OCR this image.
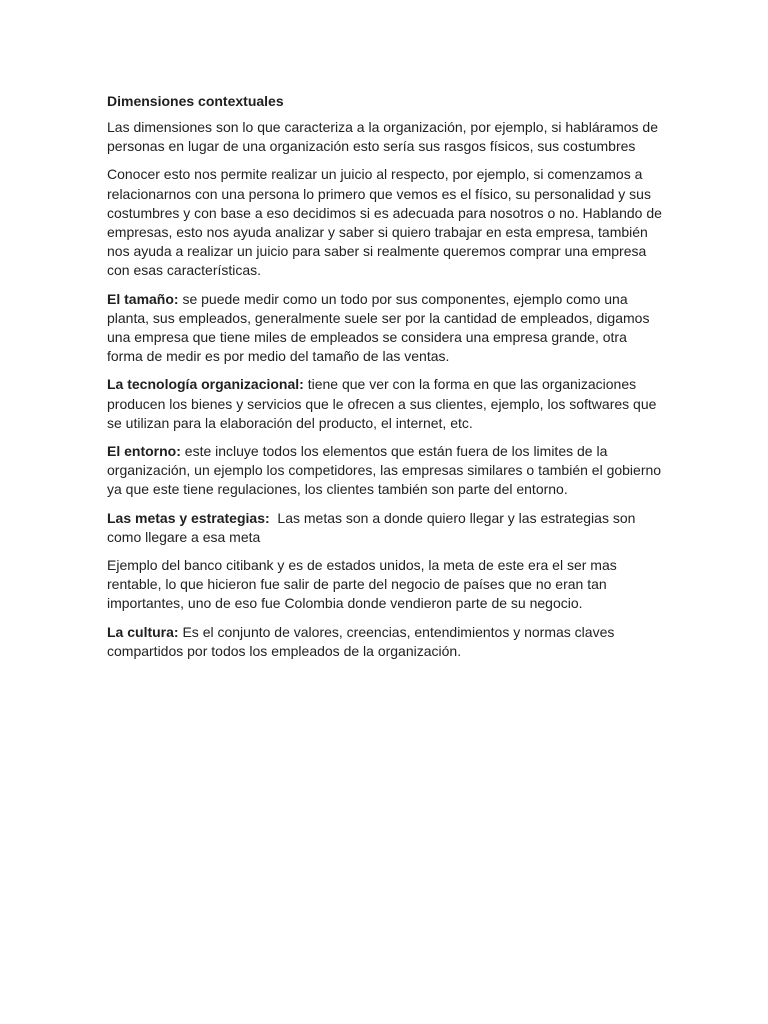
Dimensiones contextuales

Las dimensiones son lo que caracteriza a la organización, por ejemplo, si habláramos de personas en lugar de una organización esto sería sus rasgos físicos, sus costumbres

Conocer esto nos permite realizar un juicio al respecto, por ejemplo, si comenzamos a relacionarnos con una persona lo primero que vemos es el físico, su personalidad y sus costumbres y con base a eso decidimos si es adecuada para nosotros o no. Hablando de empresas, esto nos ayuda analizar y saber si quiero trabajar en esta empresa, también nos ayuda a realizar un juicio para saber si realmente queremos comprar una empresa con esas características.

El tamaño: se puede medir como un todo por sus componentes, ejemplo como una planta, sus empleados, generalmente suele ser por la cantidad de empleados, digamos una empresa que tiene miles de empleados se considera una empresa grande, otra forma de medir es por medio del tamaño de las ventas.

La tecnología organizacional: tiene que ver con la forma en que las organizaciones producen los bienes y servicios que le ofrecen a sus clientes, ejemplo, los softwares que se utilizan para la elaboración del producto, el internet, etc.

El entorno: este incluye todos los elementos que están fuera de los limites de la organización, un ejemplo los competidores, las empresas similares o también el gobierno ya que este tiene regulaciones, los clientes también son parte del entorno.

Las metas y estrategias:  Las metas son a donde quiero llegar y las estrategias son como llegare a esa meta

Ejemplo del banco citibank y es de estados unidos, la meta de este era el ser mas rentable, lo que hicieron fue salir de parte del negocio de países que no eran tan importantes, uno de eso fue Colombia donde vendieron parte de su negocio.

La cultura: Es el conjunto de valores, creencias, entendimientos y normas claves compartidos por todos los empleados de la organización.
